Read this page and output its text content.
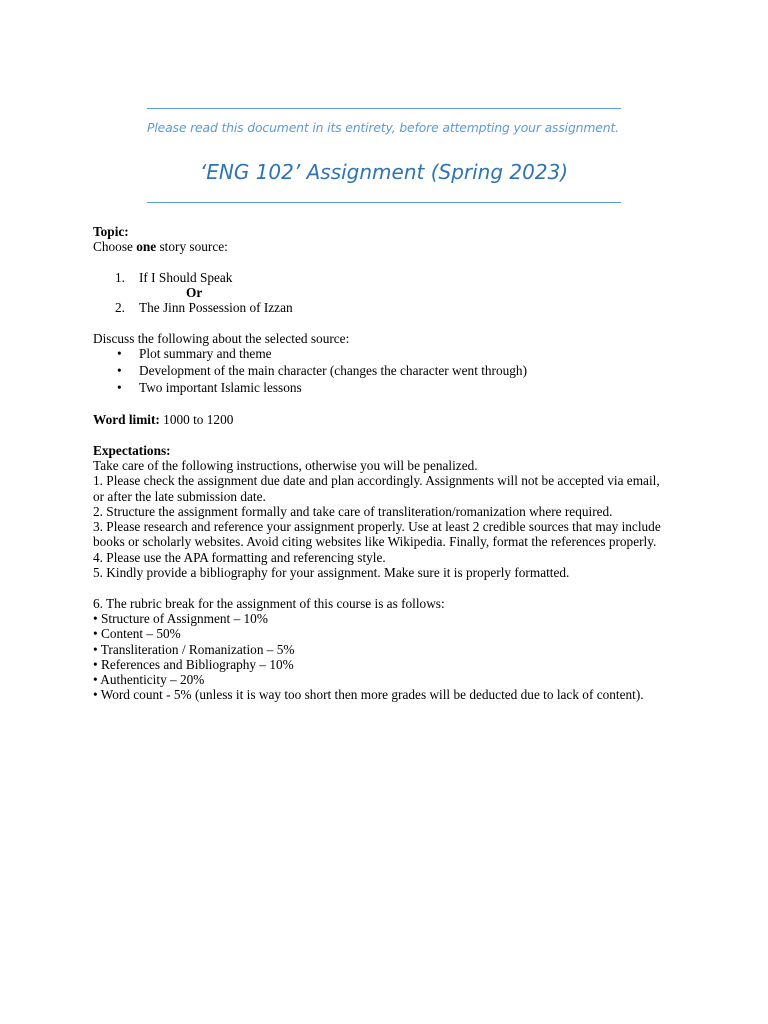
Please read this document in its entirety, before attempting your assignment.
‘ENG 102’ Assignment (Spring 2023)

Topic:

Choose one story source:

1. If I Should Speak
Or
2. The Jinn Possession of Izzan

Discuss the following about the selected source:

• Plot summary and theme
• Development of the main character (changes the character went through)
• Two important Islamic lessons

Word limit: 1000 to 1200

Expectations:

Take care of the following instructions, otherwise you will be penalized.

1. Please check the assignment due date and plan accordingly. Assignments will not be accepted via email, or after the late submission date.

2. Structure the assignment formally and take care of transliteration/romanization where required.

3. Please research and reference your assignment properly. Use at least 2 credible sources that may include books or scholarly websites. Avoid citing websites like Wikipedia. Finally, format the references properly.

4. Please use the APA formatting and referencing style.

5. Kindly provide a bibliography for your assignment. Make sure it is properly formatted.

6. The rubric break for the assignment of this course is as follows:

• Structure of Assignment – 10%

• Content – 50%

• Transliteration / Romanization – 5%

• References and Bibliography – 10%

• Authenticity – 20%

• Word count - 5% (unless it is way too short then more grades will be deducted due to lack of content).
